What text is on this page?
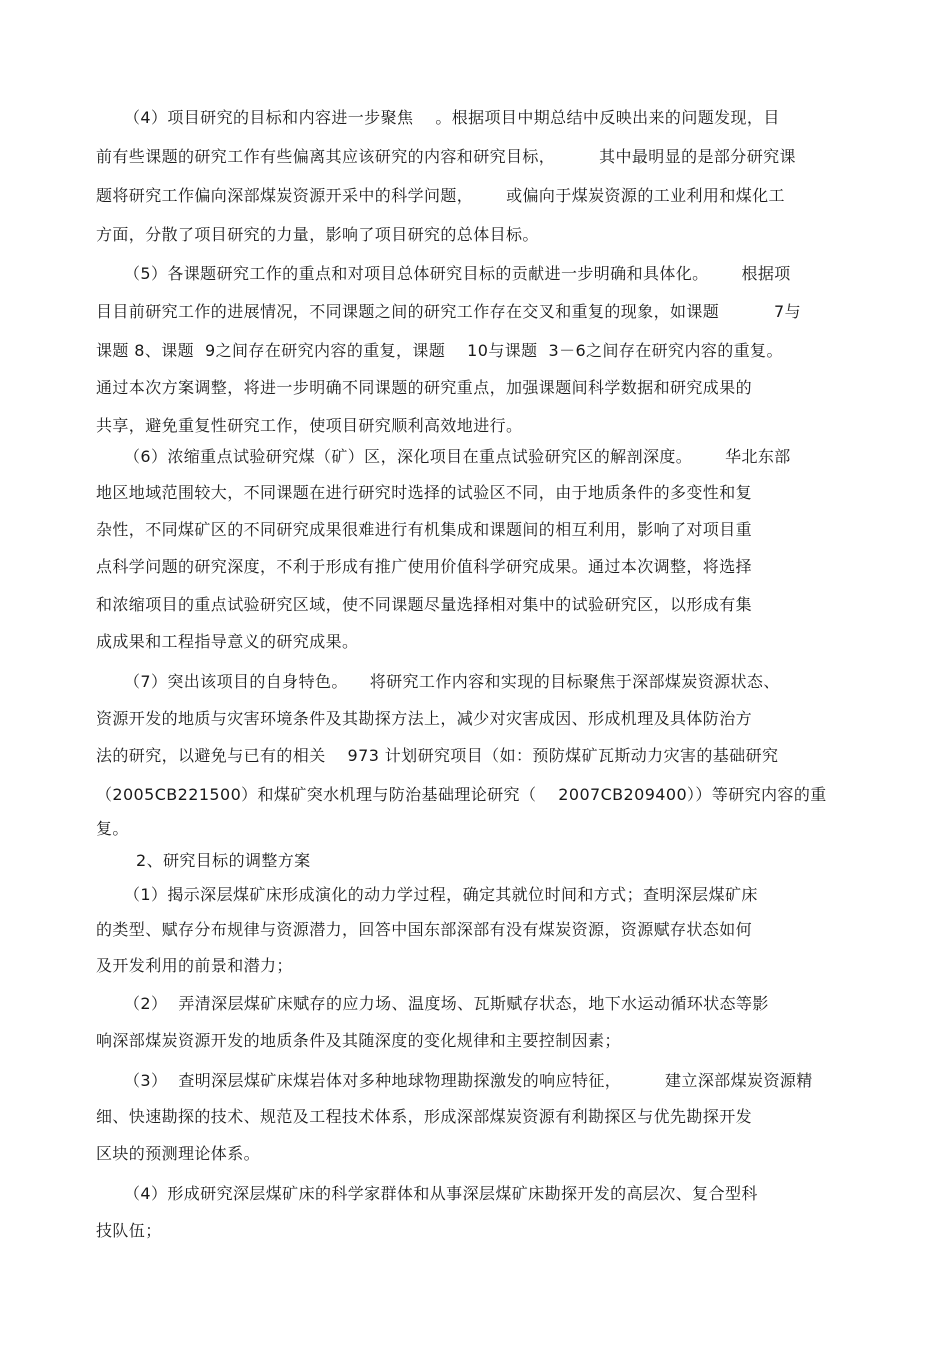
（4）项目研究的目标和内容进一步聚焦    。根据项目中期总结中反映出来的问题发现，目
前有些课题的研究工作有些偏离其应该研究的内容和研究目标，        其中最明显的是部分研究课
题将研究工作偏向深部煤炭资源开采中的科学问题，      或偏向于煤炭资源的工业利用和煤化工
方面，分散了项目研究的力量，影响了项目研究的总体目标。
（5）各课题研究工作的重点和对项目总体研究目标的贡献进一步明确和具体化。      根据项
目目前研究工作的进展情况，不同课题之间的研究工作存在交叉和重复的现象，如课题          7与
课题 8、课题  9之间存在研究内容的重复，课题    10与课题  3－6之间存在研究内容的重复。
通过本次方案调整，将进一步明确不同课题的研究重点，加强课题间科学数据和研究成果的
共享，避免重复性研究工作，使项目研究顺利高效地进行。
（6）浓缩重点试验研究煤（矿）区，深化项目在重点试验研究区的解剖深度。      华北东部
地区地域范围较大，不同课题在进行研究时选择的试验区不同，由于地质条件的多变性和复
杂性，不同煤矿区的不同研究成果很难进行有机集成和课题间的相互利用，影响了对项目重
点科学问题的研究深度，不利于形成有推广使用价值科学研究成果。通过本次调整，将选择
和浓缩项目的重点试验研究区域，使不同课题尽量选择相对集中的试验研究区，以形成有集
成成果和工程指导意义的研究成果。
（7）突出该项目的自身特色。    将研究工作内容和实现的目标聚焦于深部煤炭资源状态、
资源开发的地质与灾害环境条件及其勘探方法上，减少对灾害成因、形成机理及具体防治方
法的研究，以避免与已有的相关    973 计划研究项目（如：预防煤矿瓦斯动力灾害的基础研究
（2005CB221500）和煤矿突水机理与防治基础理论研究（    2007CB209400））等研究内容的重
复。
2、研究目标的调整方案
（1）揭示深层煤矿床形成演化的动力学过程，确定其就位时间和方式；查明深层煤矿床
的类型、赋存分布规律与资源潜力，回答中国东部深部有没有煤炭资源，资源赋存状态如何
及开发利用的前景和潜力；
（2）  弄清深层煤矿床赋存的应力场、温度场、瓦斯赋存状态，地下水运动循环状态等影
响深部煤炭资源开发的地质条件及其随深度的变化规律和主要控制因素；
（3）  查明深层煤矿床煤岩体对多种地球物理勘探激发的响应特征，        建立深部煤炭资源精
细、快速勘探的技术、规范及工程技术体系，形成深部煤炭资源有利勘探区与优先勘探开发
区块的预测理论体系。
（4）形成研究深层煤矿床的科学家群体和从事深层煤矿床勘探开发的高层次、复合型科
技队伍；
